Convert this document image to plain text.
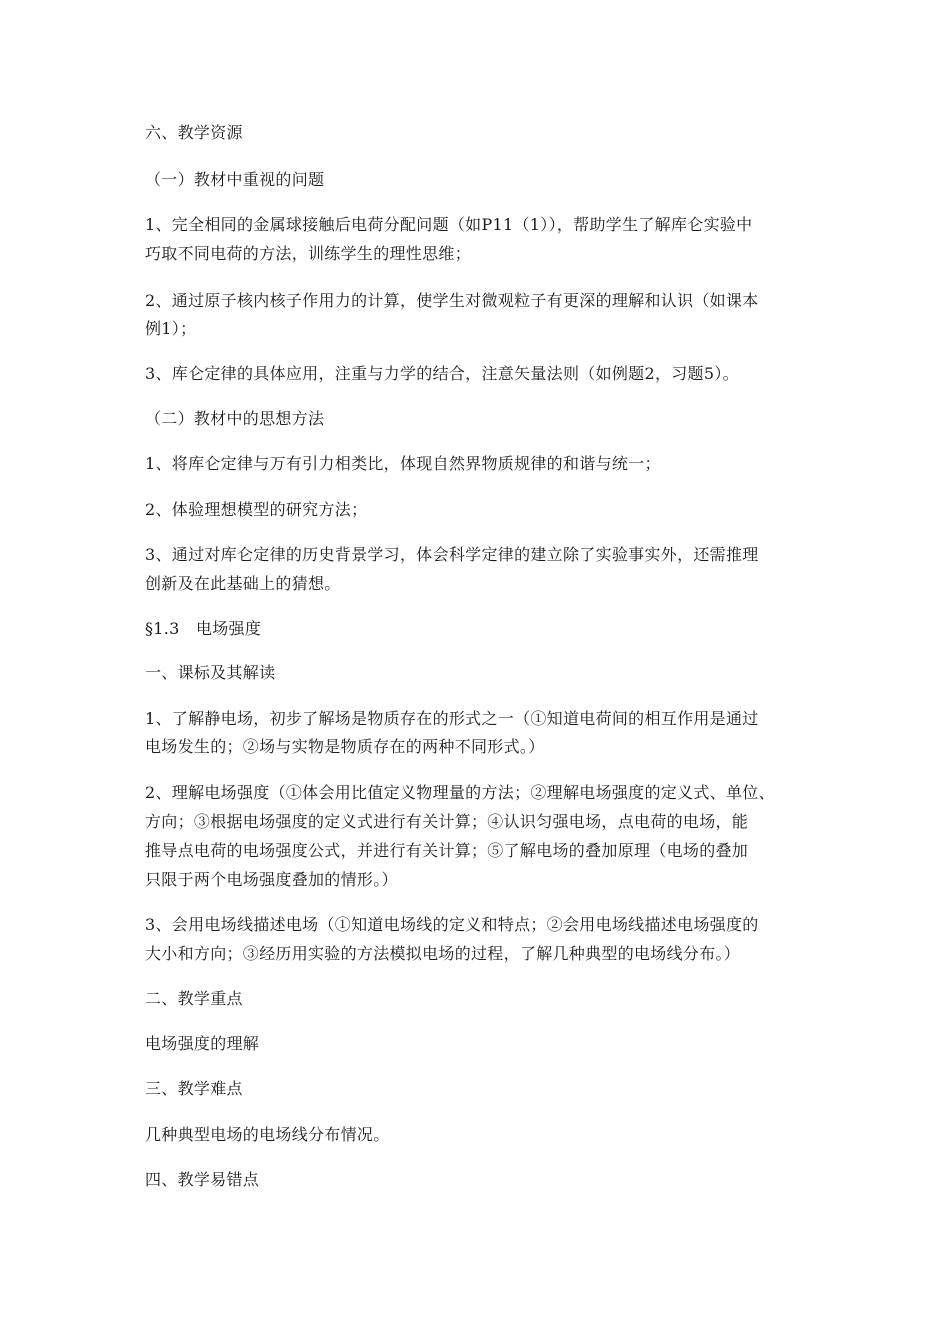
六、教学资源
（一）教材中重视的问题
1、完全相同的金属球接触后电荷分配问题（如P11（1）），帮助学生了解库仑实验中
巧取不同电荷的方法，训练学生的理性思维；
2、通过原子核内核子作用力的计算，使学生对微观粒子有更深的理解和认识（如课本
例1）；
3、库仑定律的具体应用，注重与力学的结合，注意矢量法则（如例题2，习题5）。
（二）教材中的思想方法
1、将库仑定律与万有引力相类比，体现自然界物质规律的和谐与统一；
2、体验理想模型的研究方法；
3、通过对库仑定律的历史背景学习，体会科学定律的建立除了实验事实外，还需推理
创新及在此基础上的猜想。
§1.3　电场强度
一、课标及其解读
1、了解静电场，初步了解场是物质存在的形式之一（①知道电荷间的相互作用是通过
电场发生的；②场与实物是物质存在的两种不同形式。）
2、理解电场强度（①体会用比值定义物理量的方法；②理解电场强度的定义式、单位、
方向；③根据电场强度的定义式进行有关计算；④认识匀强电场，点电荷的电场，能
推导点电荷的电场强度公式，并进行有关计算；⑤了解电场的叠加原理（电场的叠加
只限于两个电场强度叠加的情形。）
3、会用电场线描述电场（①知道电场线的定义和特点；②会用电场线描述电场强度的
大小和方向；③经历用实验的方法模拟电场的过程，了解几种典型的电场线分布。）
二、教学重点
电场强度的理解
三、教学难点
几种典型电场的电场线分布情况。
四、教学易错点
